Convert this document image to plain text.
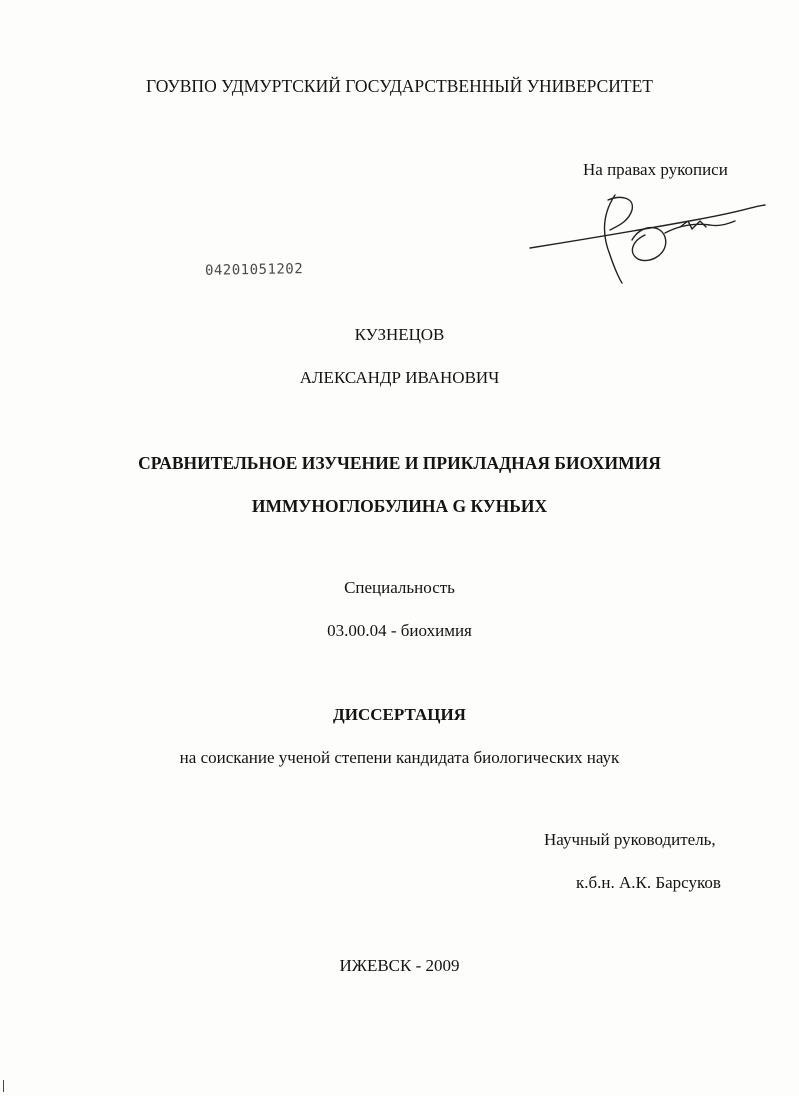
ГОУВПО УДМУРТСКИЙ ГОСУДАРСТВЕННЫЙ УНИВЕРСИТЕТ
На правах рукописи
04201051202
КУЗНЕЦОВ
АЛЕКСАНДР ИВАНОВИЧ
СРАВНИТЕЛЬНОЕ ИЗУЧЕНИЕ И ПРИКЛАДНАЯ БИОХИМИЯ
ИММУНОГЛОБУЛИНА G КУНЬИХ
Специальность
03.00.04 - биохимия
ДИССЕРТАЦИЯ
на соискание ученой степени кандидата биологических наук
Научный руководитель,
к.б.н. А.К. Барсуков
ИЖЕВСК - 2009
